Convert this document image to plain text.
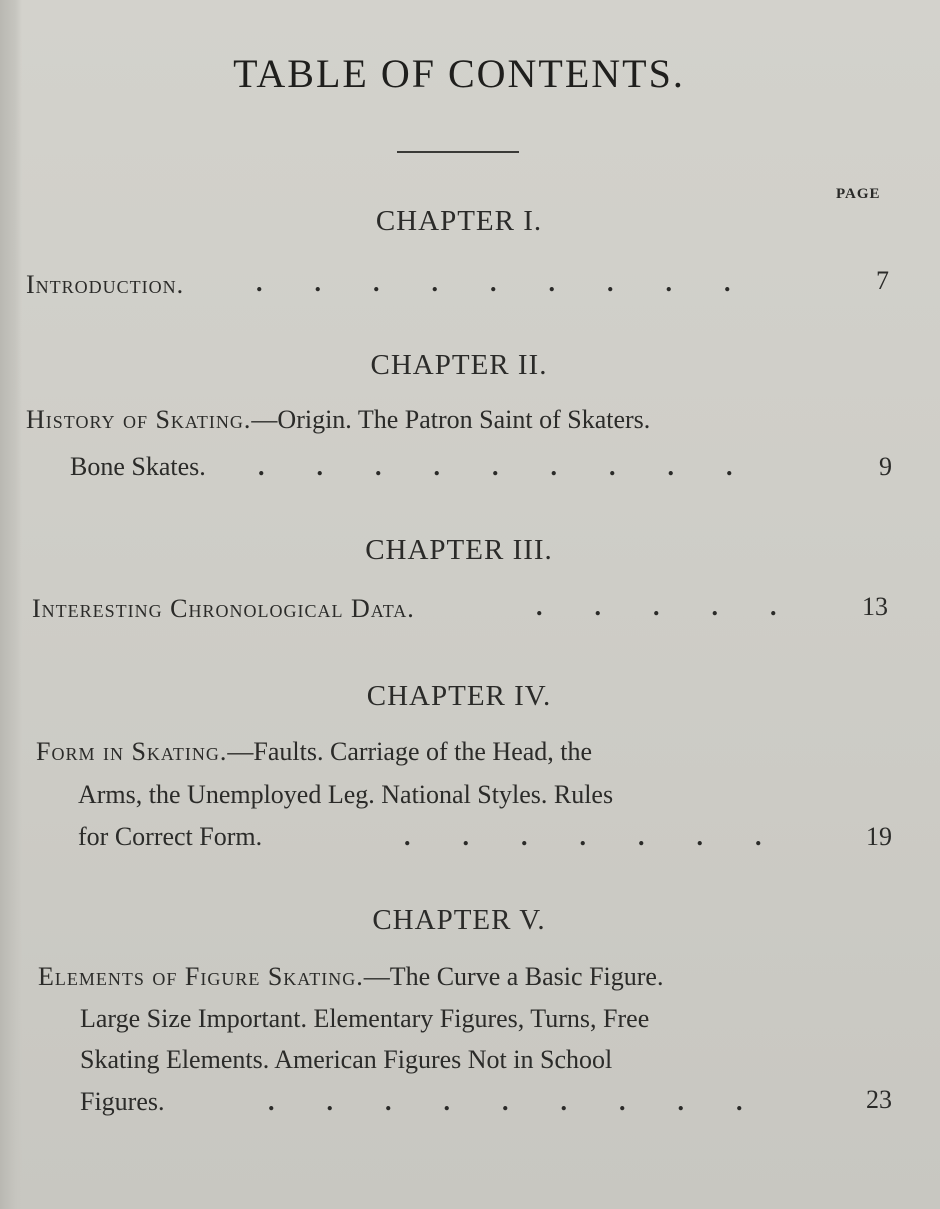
TABLE OF CONTENTS.
PAGE
CHAPTER I.
Introduction.	.        .        .        .        .        .        .        .        .	7
CHAPTER II.
History of Skating.—Origin. The Patron Saint of Skaters.
Bone Skates. .        .        .        .        .        .        .        .        .	9
CHAPTER III.
Interesting Chronological Data.	.        .        .        .        .	13
CHAPTER IV.
Form in Skating.—Faults. Carriage of the Head, the
Arms, the Unemployed Leg. National Styles. Rules
for Correct Form.	.        .        .        .        .        .        .	19
CHAPTER V.
Elements of Figure Skating.—The Curve a Basic Figure.
Large Size Important. Elementary Figures, Turns, Free
Skating Elements. American Figures Not in School
Figures.	.        .        .        .        .        .        .        .        .	23
